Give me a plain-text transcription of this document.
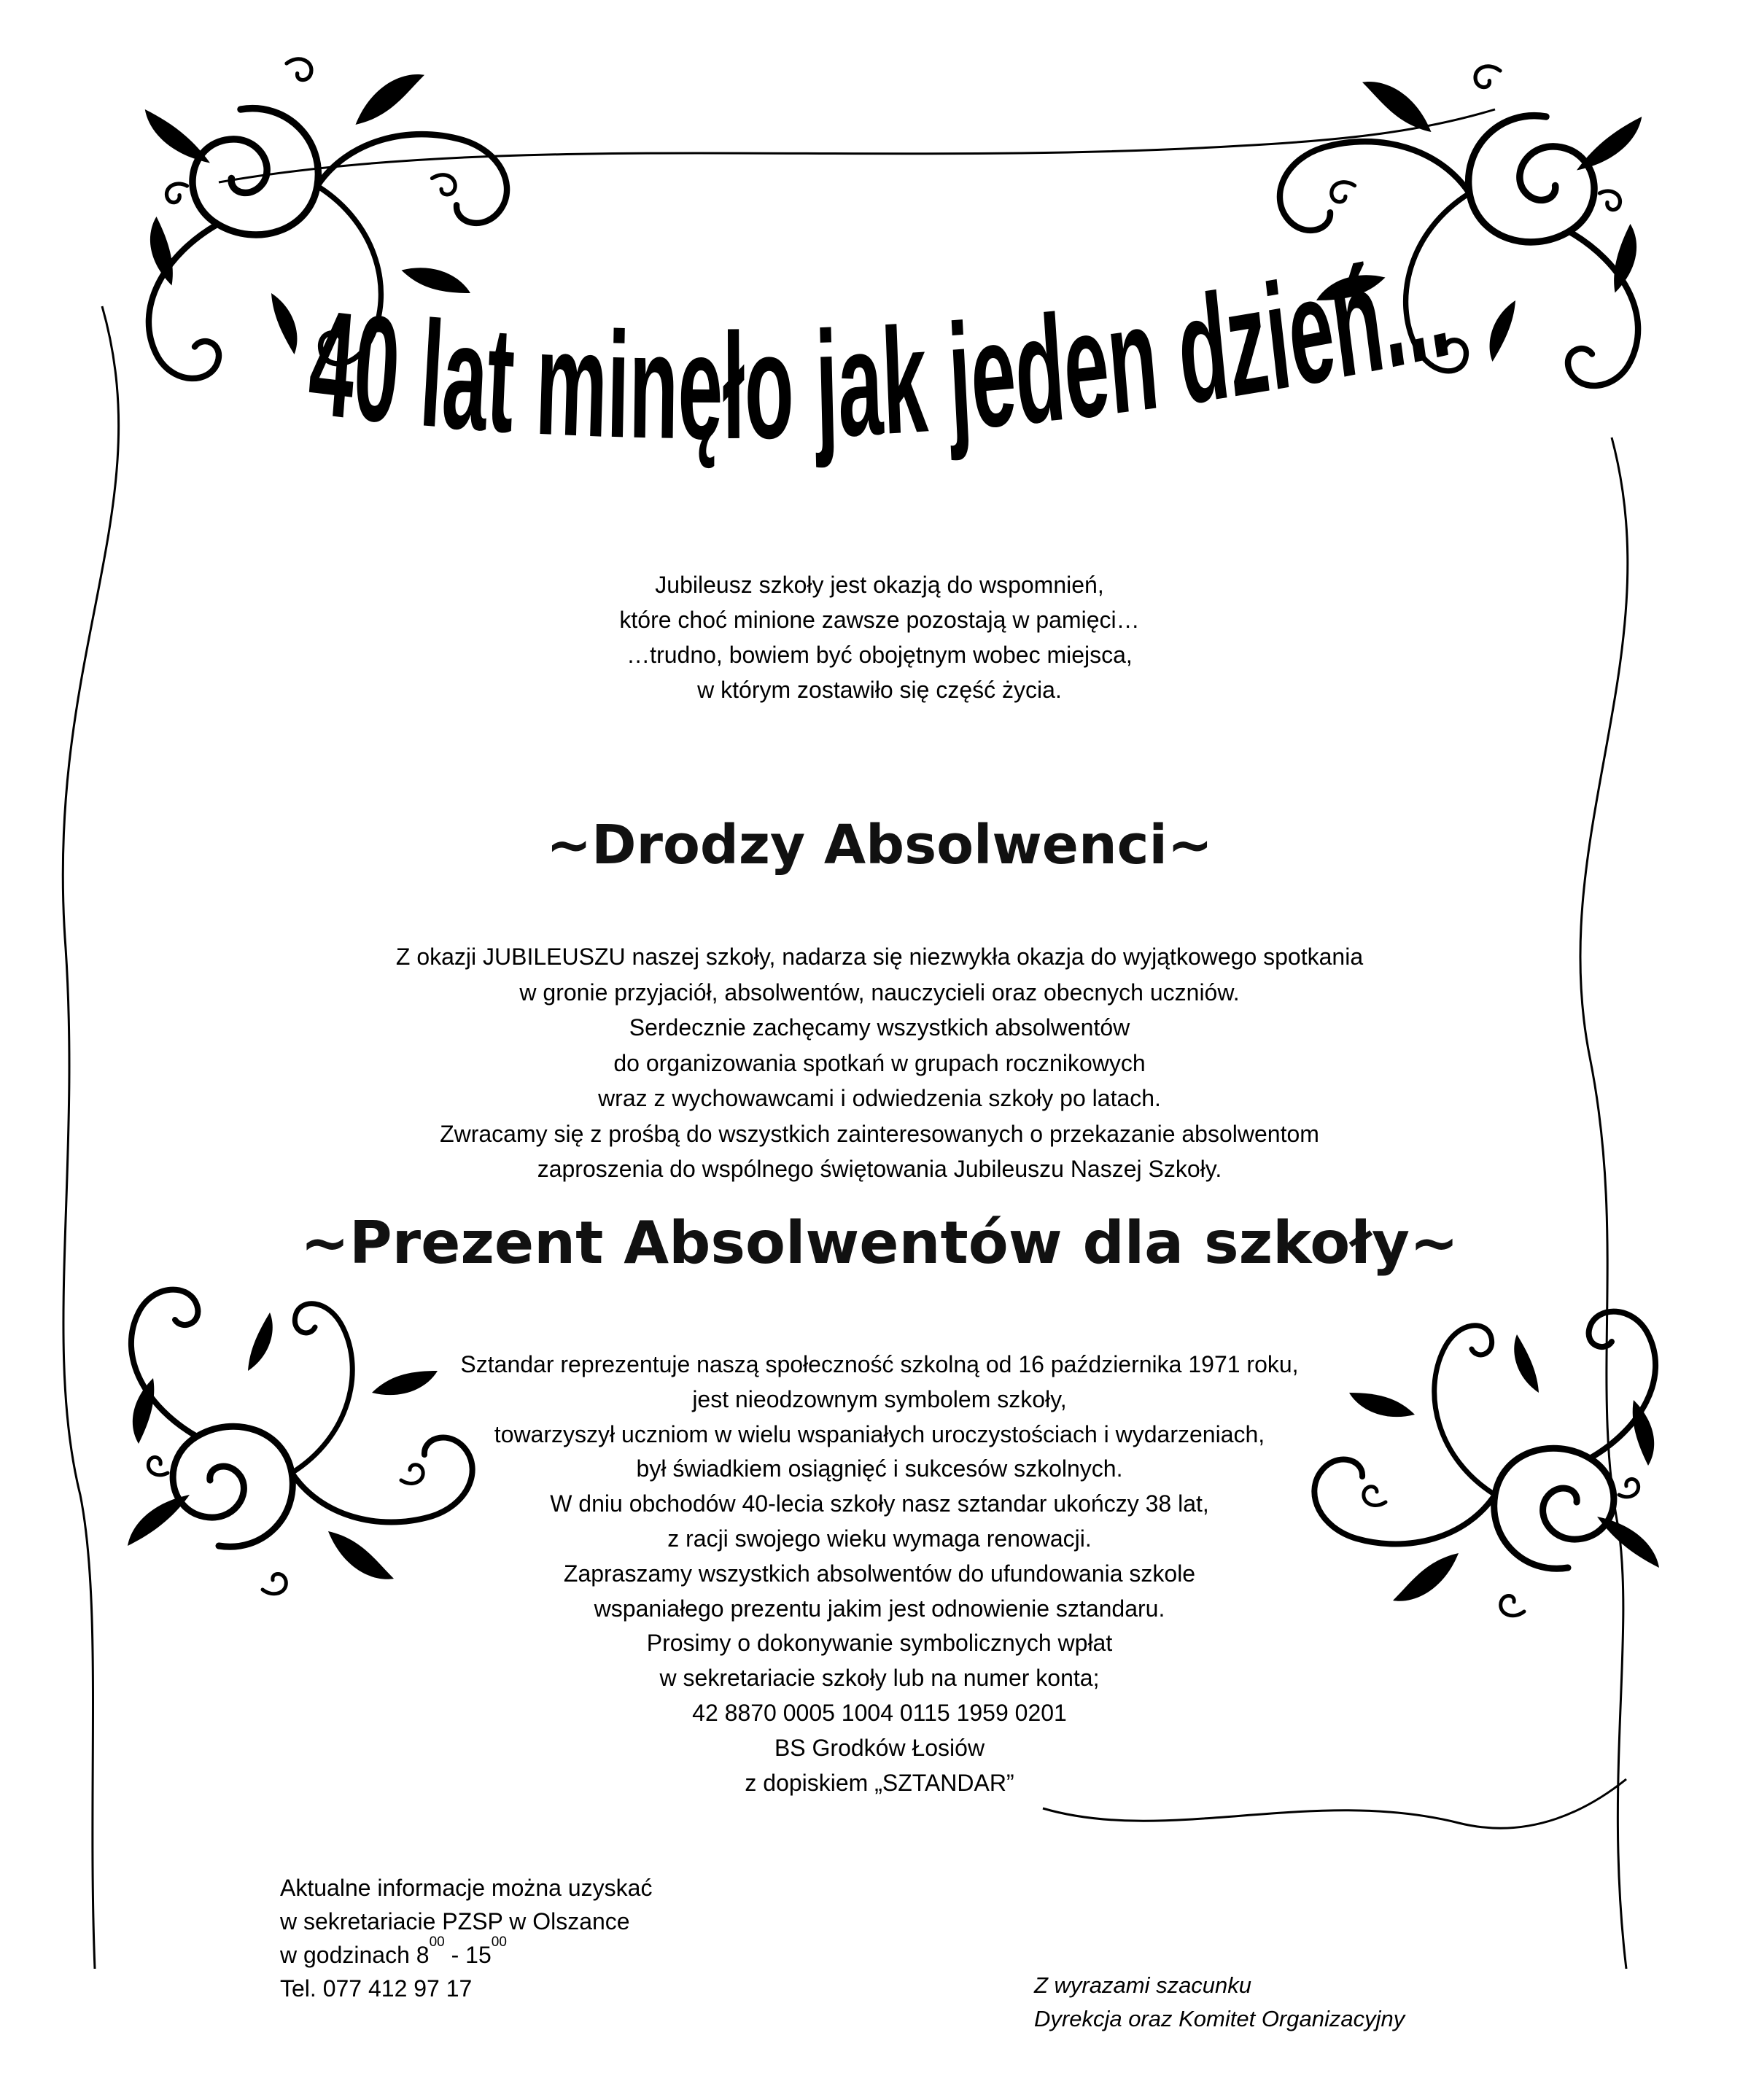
40 lat minęło jak jeden dzień...
Jubileusz szkoły jest okazją do wspomnień,
które choć minione zawsze pozostają w pamięci…
…trudno, bowiem być obojętnym wobec miejsca,
w którym zostawiło się część życia.
~Drodzy Absolwenci~
Z okazji JUBILEUSZU naszej szkoły, nadarza się niezwykła okazja do wyjątkowego spotkania
w gronie przyjaciół, absolwentów, nauczycieli oraz obecnych uczniów.
Serdecznie zachęcamy wszystkich absolwentów
do organizowania spotkań w grupach rocznikowych
wraz z wychowawcami i odwiedzenia szkoły po latach.
Zwracamy się z prośbą do wszystkich zainteresowanych o przekazanie absolwentom
zaproszenia do wspólnego świętowania Jubileuszu Naszej Szkoły.
~Prezent Absolwentów dla szkoły~
Sztandar reprezentuje naszą społeczność szkolną od 16 października 1971 roku,
jest nieodzownym symbolem szkoły,
towarzyszył uczniom w wielu wspaniałych uroczystościach i wydarzeniach,
był świadkiem osiągnięć i sukcesów szkolnych.
W dniu obchodów 40-lecia szkoły nasz sztandar ukończy 38 lat,
z racji swojego wieku wymaga renowacji.
Zapraszamy wszystkich absolwentów do ufundowania szkole
wspaniałego prezentu jakim jest odnowienie sztandaru.
Prosimy o dokonywanie symbolicznych wpłat
w sekretariacie szkoły lub na numer konta;
42 8870 0005 1004 0115 1959 0201
BS Grodków Łosiów
z dopiskiem „SZTANDAR”
Aktualne informacje można uzyskać
w sekretariacie PZSP w Olszance
w godzinach $8^{00} - 15^{00}$
Tel. 077 412 97 17	Z wyrazami szacunku
Dyrekcja oraz Komitet Organizacyjny
